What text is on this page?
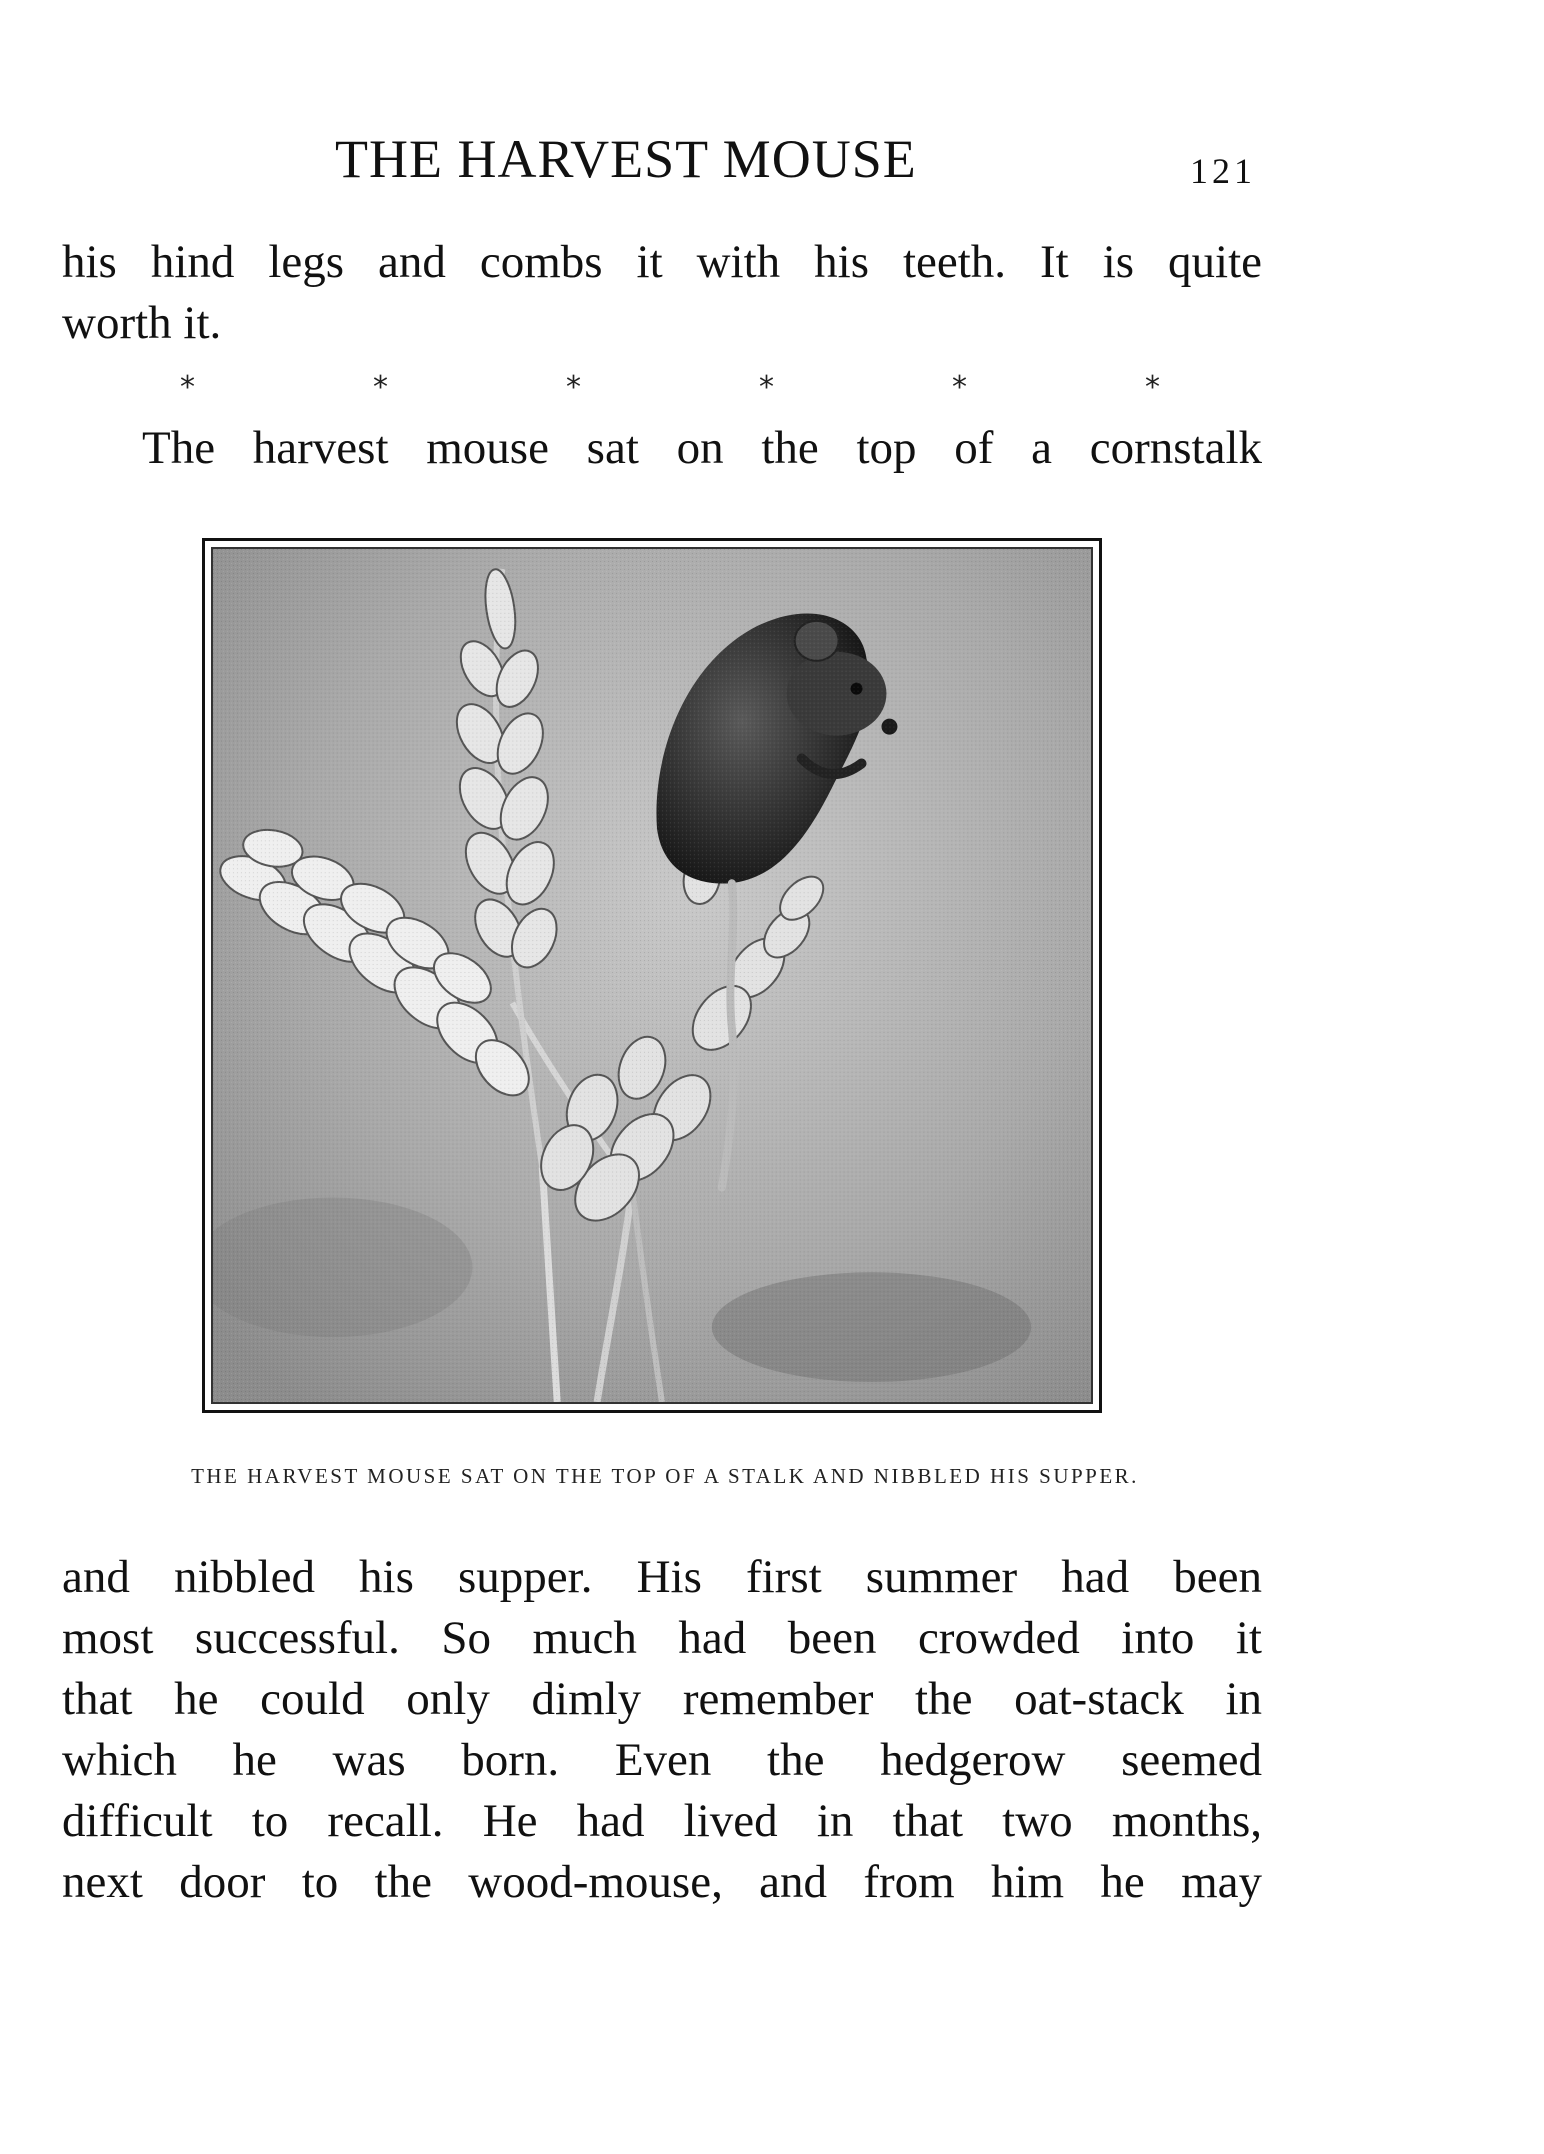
THE HARVEST MOUSE	121
his hind legs and combs it with his teeth. It is quite
worth it.
*	*	*	*	*	*
The harvest mouse sat on the top of a cornstalk
THE HARVEST MOUSE SAT ON THE TOP OF A STALK AND NIBBLED HIS SUPPER.
and nibbled his supper. His first summer had been
most successful. So much had been crowded into it
that he could only dimly remember the oat-stack in
which he was born. Even the hedgerow seemed
difficult to recall. He had lived in that two months,
next door to the wood-mouse, and from him he may
